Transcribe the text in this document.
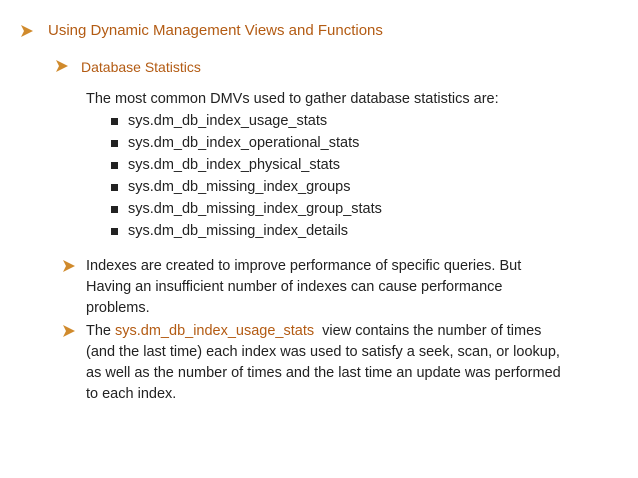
Using Dynamic Management Views and Functions
Database Statistics
The most common DMVs used to gather database statistics are:
sys.dm_db_index_usage_stats
sys.dm_db_index_operational_stats
sys.dm_db_index_physical_stats
sys.dm_db_missing_index_groups
sys.dm_db_missing_index_group_stats
sys.dm_db_missing_index_details
Indexes are created to improve performance of specific queries. But
Having an insufficient number of indexes can cause performance
problems.
The sys.dm_db_index_usage_stats  view contains the number of times
(and the last time) each index was used to satisfy a seek, scan, or lookup,
as well as the number of times and the last time an update was performed
to each index.
